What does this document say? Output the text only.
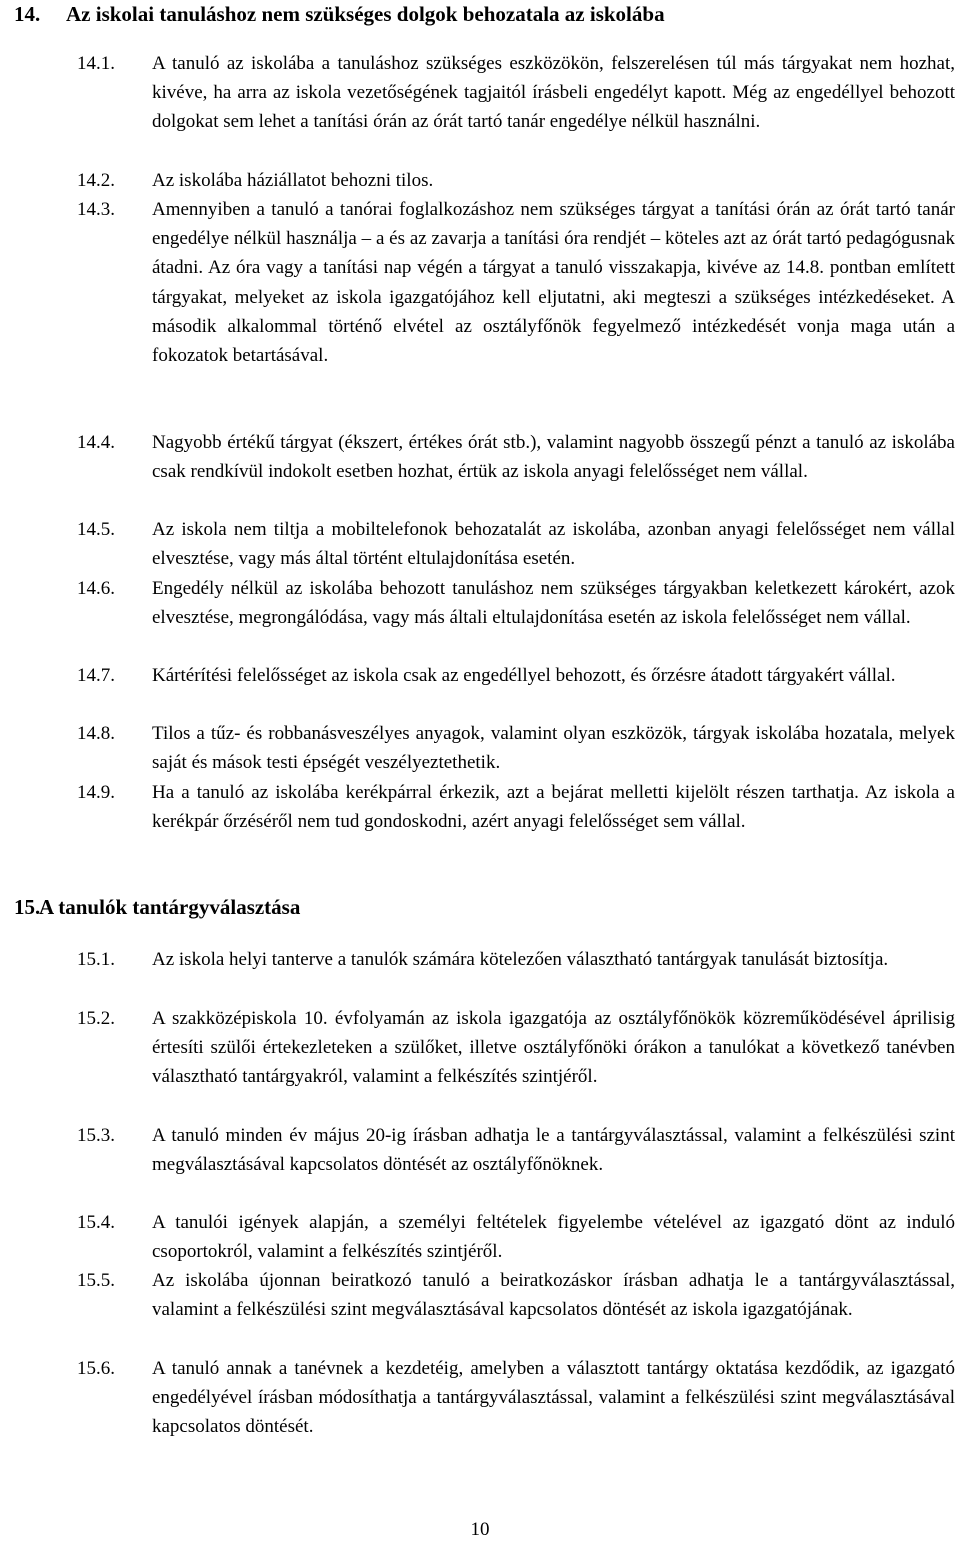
14. Az iskolai tanuláshoz nem szükséges dolgok behozatala az iskolába
14.1.	A tanuló az iskolába a tanuláshoz szükséges eszközökön, felszerelésen túl más tárgyakat nem hozhat, kivéve, ha arra az iskola vezetőségének tagjaitól írásbeli engedélyt kapott. Még az engedéllyel behozott dolgokat sem lehet a tanítási órán az órát tartó tanár engedélye nélkül használni.
14.2.	Az iskolába háziállatot behozni tilos.
14.3.	Amennyiben a tanuló a tanórai foglalkozáshoz nem szükséges tárgyat a tanítási órán az órát tartó tanár engedélye nélkül használja – a és az zavarja a tanítási óra rendjét – köteles azt az órát tartó pedagógusnak átadni. Az óra vagy a tanítási nap végén a tárgyat a tanuló visszakapja, kivéve az 14.8. pontban említett tárgyakat, melyeket az iskola igazgatójához kell eljutatni, aki megteszi a szükséges intézkedéseket. A második alkalommal történő elvétel az osztályfőnök fegyelmező intézkedését vonja maga után a fokozatok betartásával.
14.4.	Nagyobb értékű tárgyat (ékszert, értékes órát stb.), valamint nagyobb összegű pénzt a tanuló az iskolába csak rendkívül indokolt esetben hozhat, értük az iskola anyagi felelősséget nem vállal.
14.5.	Az iskola nem tiltja a mobiltelefonok behozatalát az iskolába, azonban anyagi felelősséget nem vállal elvesztése, vagy más által történt eltulajdonítása esetén.
14.6.	Engedély nélkül az iskolába behozott tanuláshoz nem szükséges tárgyakban keletkezett károkért, azok elvesztése, megrongálódása, vagy más általi eltulajdonítása esetén az iskola felelősséget nem vállal.
14.7.	Kártérítési felelősséget az iskola csak az engedéllyel behozott, és őrzésre átadott tárgyakért vállal.
14.8.	Tilos a tűz- és robbanásveszélyes anyagok, valamint olyan eszközök, tárgyak iskolába hozatala, melyek saját és mások testi épségét veszélyeztethetik.
14.9.	Ha a tanuló az iskolába kerékpárral érkezik, azt a bejárat melletti kijelölt részen tarthatja. Az iskola a kerékpár őrzéséről nem tud gondoskodni, azért anyagi felelősséget sem vállal.
15.A tanulók tantárgyválasztása
15.1.	Az iskola helyi tanterve a tanulók számára kötelezően választható tantárgyak tanulását biztosítja.
15.2.	A szakközépiskola 10. évfolyamán az iskola igazgatója az osztályfőnökök közreműködésével áprilisig értesíti szülői értekezleteken a szülőket, illetve osztályfőnöki órákon a tanulókat a következő tanévben választható tantárgyakról, valamint a felkészítés szintjéről.
15.3.	A tanuló minden év május 20-ig írásban adhatja le a tantárgyválasztással, valamint a felkészülési szint megválasztásával kapcsolatos döntését az osztályfőnöknek.
15.4.	A tanulói igények alapján, a személyi feltételek figyelembe vételével az igazgató dönt az induló csoportokról, valamint a felkészítés szintjéről.
15.5.	Az iskolába újonnan beiratkozó tanuló a beiratkozáskor írásban adhatja le a tantárgyválasztással, valamint a felkészülési szint megválasztásával kapcsolatos döntését az iskola igazgatójának.
15.6.	A tanuló annak a tanévnek a kezdetéig, amelyben a választott tantárgy oktatása kezdődik, az igazgató engedélyével írásban módosíthatja a tantárgyválasztással, valamint a felkészülési szint megválasztásával kapcsolatos döntését.
10
